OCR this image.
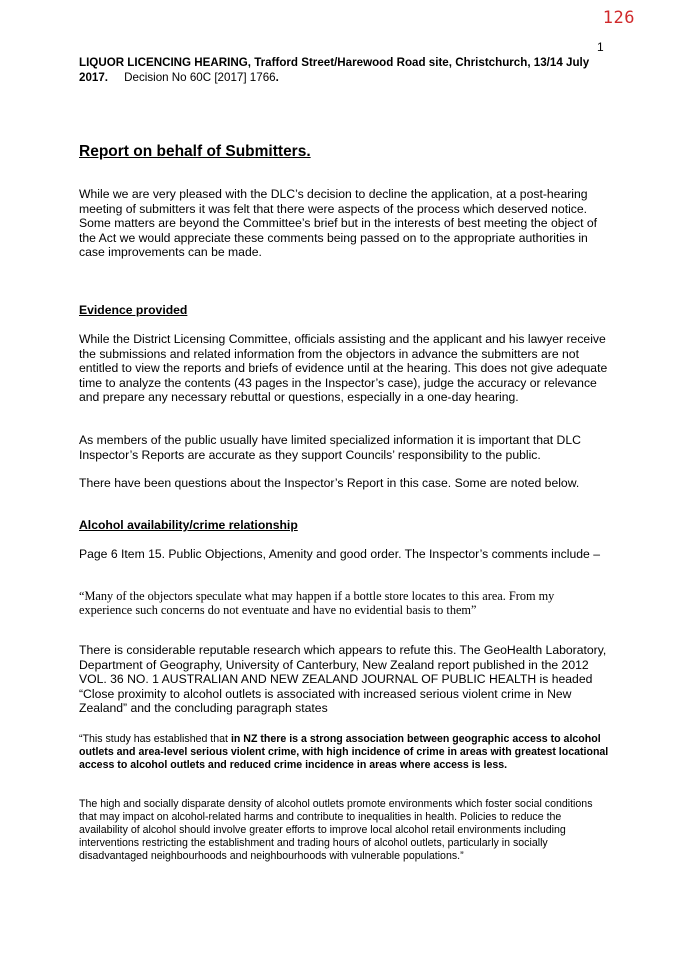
126
1
LIQUOR LICENCING HEARING, Trafford Street/Harewood Road site, Christchurch, 13/14 July 2017. Decision No 60C [2017] 1766.
Report on behalf of Submitters.
While we are very pleased with the DLC’s decision to decline the application, at a post-hearing meeting of submitters it was felt that there were aspects of the process which deserved notice. Some matters are beyond the Committee’s brief but in the interests of best meeting the object of the Act we would appreciate these comments being passed on to the appropriate authorities in case improvements can be made.
Evidence provided
While the District Licensing Committee, officials assisting and the applicant and his lawyer receive the submissions and related information from the objectors in advance the submitters are not entitled to view the reports and briefs of evidence until at the hearing. This does not give adequate time to analyze the contents (43 pages in the Inspector’s case), judge the accuracy or relevance and prepare any necessary rebuttal or questions, especially in a one-day hearing.
As members of the public usually have limited specialized information it is important that DLC Inspector’s Reports are accurate as they support Councils’ responsibility to the public.
There have been questions about the Inspector’s Report in this case. Some are noted below.
Alcohol availability/crime relationship
Page 6 Item 15. Public Objections, Amenity and good order. The Inspector’s comments include –
“Many of the objectors speculate what may happen if a bottle store locates to this area. From my experience such concerns do not eventuate and have no evidential basis to them”
There is considerable reputable research which appears to refute this. The GeoHealth Laboratory, Department of Geography, University of Canterbury, New Zealand report published in the 2012 VOL. 36 NO. 1 AUSTRALIAN AND NEW ZEALAND JOURNAL OF PUBLIC HEALTH is headed “Close proximity to alcohol outlets is associated with increased serious violent crime in New Zealand” and the concluding paragraph states
“This study has established that in NZ there is a strong association between geographic access to alcohol outlets and area-level serious violent crime, with high incidence of crime in areas with greatest locational access to alcohol outlets and reduced crime incidence in areas where access is less.
The high and socially disparate density of alcohol outlets promote environments which foster social conditions that may impact on alcohol-related harms and contribute to inequalities in health. Policies to reduce the availability of alcohol should involve greater efforts to improve local alcohol retail environments including interventions restricting the establishment and trading hours of alcohol outlets, particularly in socially disadvantaged neighbourhoods and neighbourhoods with vulnerable populations.”
